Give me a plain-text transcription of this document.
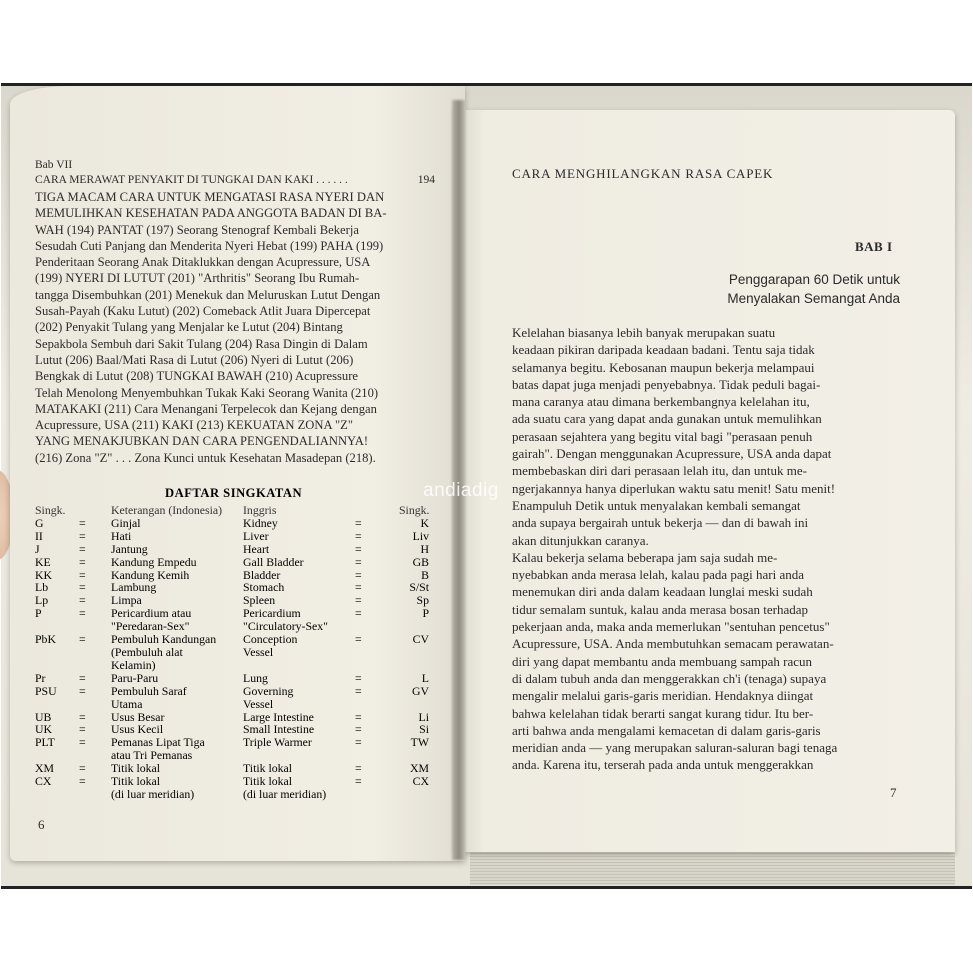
Bab VII
CARA MERAWAT PENYAKIT DI TUNGKAI DAN KAKI . . . . . .	194
TIGA MACAM CARA UNTUK MENGATASI RASA NYERI DAN
MEMULIHKAN KESEHATAN PADA ANGGOTA BADAN DI BA-
WAH (194) PANTAT (197) Seorang Stenograf Kembali Bekerja
Sesudah Cuti Panjang dan Menderita Nyeri Hebat (199) PAHA (199)
Penderitaan Seorang Anak Ditaklukkan dengan Acupressure, USA
(199) NYERI DI LUTUT (201) "Arthritis" Seorang Ibu Rumah-
tangga Disembuhkan (201) Menekuk dan Meluruskan Lutut Dengan
Susah-Payah (Kaku Lutut) (202) Comeback Atlit Juara Dipercepat
(202) Penyakit Tulang yang Menjalar ke Lutut (204) Bintang
Sepakbola Sembuh dari Sakit Tulang (204) Rasa Dingin di Dalam
Lutut (206) Baal/Mati Rasa di Lutut (206) Nyeri di Lutut (206)
Bengkak di Lutut (208) TUNGKAI BAWAH (210) Acupressure
Telah Menolong Menyembuhkan Tukak Kaki Seorang Wanita (210)
MATAKAKI (211) Cara Menangani Terpelecok dan Kejang dengan
Acupressure, USA (211) KAKI (213) KEKUATAN ZONA "Z"
YANG MENAKJUBKAN DAN CARA PENGENDALIANNYA!
(216) Zona "Z" . . . Zona Kunci untuk Kesehatan Masadepan (218).
DAFTAR SINGKATAN
Singk.	Keterangan (Indonesia)	Inggris	Singk.
G	=	Ginjal	Kidney	=	K
II	=	Hati	Liver	=	Liv
J	=	Jantung	Heart	=	H
KE	=	Kandung Empedu	Gall Bladder	=	GB
KK	=	Kandung Kemih	Bladder	=	B
Lb	=	Lambung	Stomach	=	S/St
Lp	=	Limpa	Spleen	=	Sp
P	=	Pericardium atau	Pericardium	=	P
"Peredaran-Sex"	"Circulatory-Sex"
PbK	=	Pembuluh Kandungan	Conception	=	CV
(Pembuluh alat	Vessel
Kelamin)
Pr	=	Paru-Paru	Lung	=	L
PSU	=	Pembuluh Saraf	Governing	=	GV
Utama	Vessel
UB	=	Usus Besar	Large Intestine	=	Li
UK	=	Usus Kecil	Small Intestine	=	Si
PLT	=	Pemanas Lipat Tiga	Triple Warmer	=	TW
atau Tri Pemanas
XM	=	Titik lokal	Titik lokal	=	XM
CX	=	Titik lokal	Titik lokal	=	CX
(di luar meridian)	(di luar meridian)
6
CARA MENGHILANGKAN RASA CAPEK
BAB I
Penggarapan 60 Detik untuk
Menyalakan Semangat Anda
Kelelahan biasanya lebih banyak merupakan suatu
keadaan pikiran daripada keadaan badani. Tentu saja tidak
selamanya begitu. Kebosanan maupun bekerja melampaui
batas dapat juga menjadi penyebabnya. Tidak peduli bagai-
mana caranya atau dimana berkembangnya kelelahan itu,
ada suatu cara yang dapat anda gunakan untuk memulihkan
perasaan sejahtera yang begitu vital bagi "perasaan penuh
gairah". Dengan menggunakan Acupressure, USA anda dapat
membebaskan diri dari perasaan lelah itu, dan untuk me-
ngerjakannya hanya diperlukan waktu satu menit! Satu menit!
Enampuluh Detik untuk menyalakan kembali semangat
anda supaya bergairah untuk bekerja — dan di bawah ini
akan ditunjukkan caranya.
Kalau bekerja selama beberapa jam saja sudah me-
nyebabkan anda merasa lelah, kalau pada pagi hari anda
menemukan diri anda dalam keadaan lunglai meski sudah
tidur semalam suntuk, kalau anda merasa bosan terhadap
pekerjaan anda, maka anda memerlukan "sentuhan pencetus"
Acupressure, USA. Anda membutuhkan semacam perawatan-
diri yang dapat membantu anda membuang sampah racun
di dalam tubuh anda dan menggerakkan ch'i (tenaga) supaya
mengalir melalui garis-garis meridian. Hendaknya diingat
bahwa kelelahan tidak berarti sangat kurang tidur. Itu ber-
arti bahwa anda mengalami kemacetan di dalam garis-garis
meridian anda — yang merupakan saluran-saluran bagi tenaga
anda. Karena itu, terserah pada anda untuk menggerakkan
7
andiadig
